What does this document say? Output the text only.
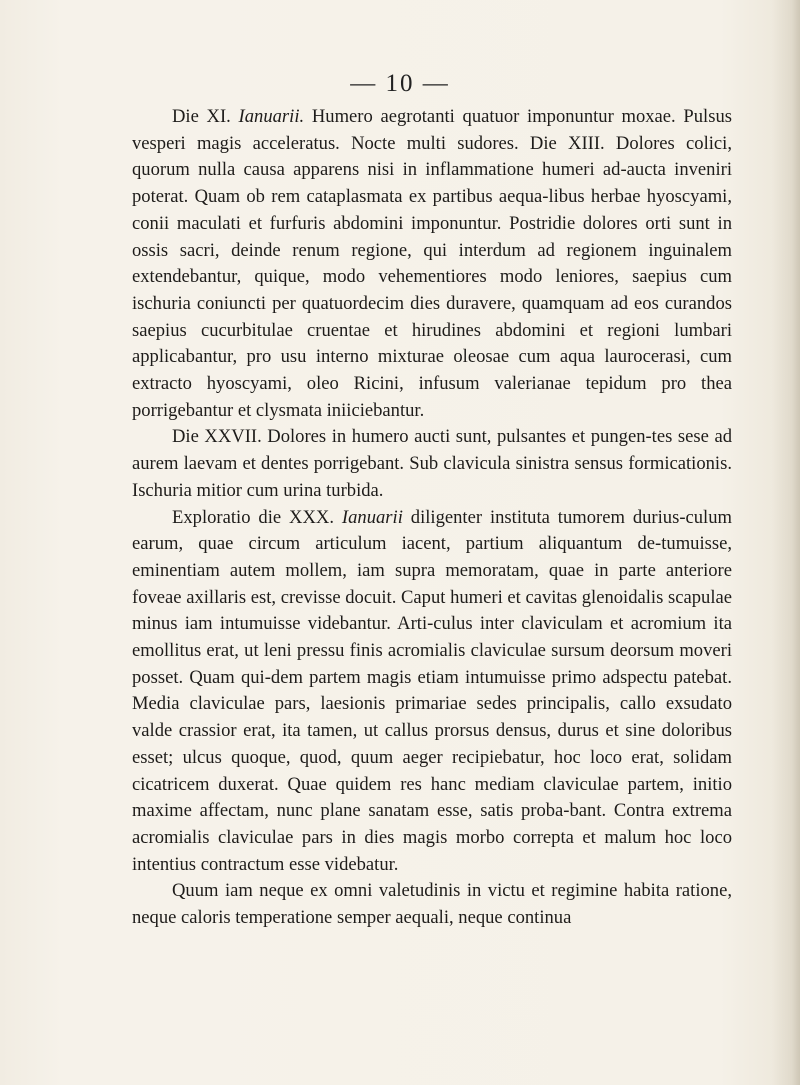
— 10 —

Die XI. Ianuarii. Humero aegrotanti quatuor imponuntur moxae. Pulsus vesperi magis acceleratus. Nocte multi sudores. Die XIII. Dolores colici, quorum nulla causa apparens nisi in inflammatione humeri ad-aucta inveniri poterat. Quam ob rem cataplasmata ex partibus aequa-libus herbae hyoscyami, conii maculati et furfuris abdomini imponuntur. Postridie dolores orti sunt in ossis sacri, deinde renum regione, qui interdum ad regionem inguinalem extendebantur, quique, modo vehementiores modo leniores, saepius cum ischuria coniuncti per quatuordecim dies duravere, quamquam ad eos curandos saepius cucurbitulae cruentae et hirudines abdomini et regioni lumbari applicabantur, pro usu interno mixturae oleosae cum aqua laurocerasi, cum extracto hyoscyami, oleo Ricini, infusum valerianae tepidum pro thea porrigebantur et clysmata iniiciebantur.

Die XXVII. Dolores in humero aucti sunt, pulsantes et pungen-tes sese ad aurem laevam et dentes porrigebant. Sub clavicula sinistra sensus formicationis. Ischuria mitior cum urina turbida.

Exploratio die XXX. Ianuarii diligenter instituta tumorem durius-culum earum, quae circum articulum iacent, partium aliquantum de-tumuisse, eminentiam autem mollem, iam supra memoratam, quae in parte anteriore foveae axillaris est, crevisse docuit. Caput humeri et cavitas glenoidalis scapulae minus iam intumuisse videbantur. Arti-culus inter claviculam et acromium ita emollitus erat, ut leni pressu finis acromialis claviculae sursum deorsum moveri posset. Quam qui-dem partem magis etiam intumuisse primo adspectu patebat. Media claviculae pars, laesionis primariae sedes principalis, callo exsudato valde crassior erat, ita tamen, ut callus prorsus densus, durus et sine doloribus esset; ulcus quoque, quod, quum aeger recipiebatur, hoc loco erat, solidam cicatricem duxerat. Quae quidem res hanc mediam claviculae partem, initio maxime affectam, nunc plane sanatam esse, satis proba-bant. Contra extrema acromialis claviculae pars in dies magis morbo correpta et malum hoc loco intentius contractum esse videbatur.

Quum iam neque ex omni valetudinis in victu et regimine habita ratione, neque caloris temperatione semper aequali, neque continua
